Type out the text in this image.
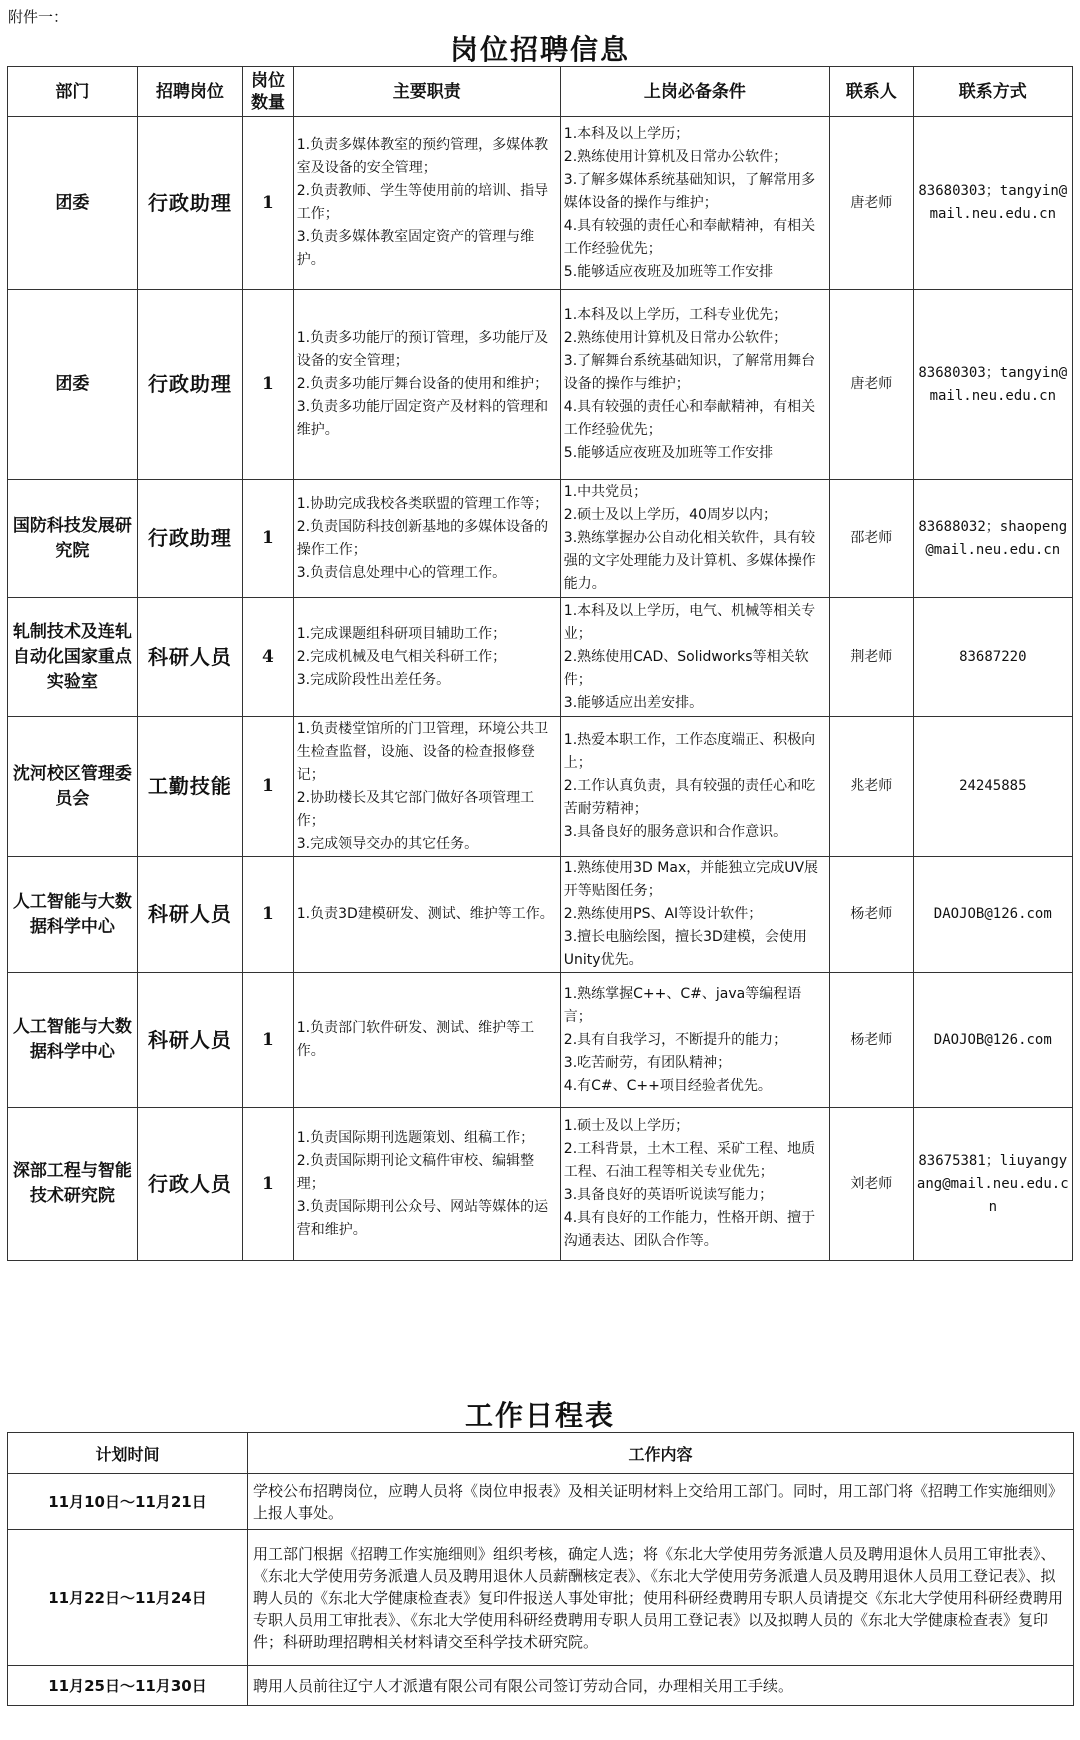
附件一：
岗位招聘信息
部门	招聘岗位	岗位数量	主要职责	上岗必备条件	联系人	联系方式
团委	行政助理	1	1.负责多媒体教室的预约管理，多媒体教室及设备的安全管理；
2.负责教师、学生等使用前的培训、指导工作；
3.负责多媒体教室固定资产的管理与维护。	1.本科及以上学历；
2.熟练使用计算机及日常办公软件；
3.了解多媒体系统基础知识，了解常用多媒体设备的操作与维护；
4.具有较强的责任心和奉献精神，有相关工作经验优先；
5.能够适应夜班及加班等工作安排	唐老师	83680303；tangyin@mail.neu.edu.cn
团委	行政助理	1	1.负责多功能厅的预订管理，多功能厅及设备的安全管理；
2.负责多功能厅舞台设备的使用和维护；
3.负责多功能厅固定资产及材料的管理和维护。	1.本科及以上学历，工科专业优先；
2.熟练使用计算机及日常办公软件；
3.了解舞台系统基础知识，了解常用舞台设备的操作与维护；
4.具有较强的责任心和奉献精神，有相关工作经验优先；
5.能够适应夜班及加班等工作安排	唐老师	83680303；tangyin@mail.neu.edu.cn
国防科技发展研究院	行政助理	1	1.协助完成我校各类联盟的管理工作等；
2.负责国防科技创新基地的多媒体设备的操作工作；
3.负责信息处理中心的管理工作。	1.中共党员；
2.硕士及以上学历，40周岁以内；
3.熟练掌握办公自动化相关软件，具有较强的文字处理能力及计算机、多媒体操作能力。	邵老师	83688032；shaopeng@mail.neu.edu.cn
轧制技术及连轧自动化国家重点实验室	科研人员	4	1.完成课题组科研项目辅助工作；
2.完成机械及电气相关科研工作；
3.完成阶段性出差任务。	1.本科及以上学历，电气、机械等相关专业；
2.熟练使用CAD、Solidworks等相关软件；
3.能够适应出差安排。	荆老师	83687220
沈河校区管理委员会	工勤技能	1	1.负责楼堂馆所的门卫管理，环境公共卫生检查监督，设施、设备的检查报修登记；
2.协助楼长及其它部门做好各项管理工作；
3.完成领导交办的其它任务。	1.热爱本职工作，工作态度端正、积极向上；
2.工作认真负责，具有较强的责任心和吃苦耐劳精神；
3.具备良好的服务意识和合作意识。	兆老师	24245885
人工智能与大数据科学中心	科研人员	1	1.负责3D建模研发、测试、维护等工作。	1.熟练使用3D Max，并能独立完成UV展开等贴图任务；
2.熟练使用PS、AI等设计软件；
3.擅长电脑绘图，擅长3D建模，会使用Unity优先。	杨老师	DAOJOB@126.com
人工智能与大数据科学中心	科研人员	1	1.负责部门软件研发、测试、维护等工作。	1.熟练掌握C++、C#、java等编程语言；
2.具有自我学习，不断提升的能力；
3.吃苦耐劳，有团队精神；
4.有C#、C++项目经验者优先。	杨老师	DAOJOB@126.com
深部工程与智能技术研究院	行政人员	1	1.负责国际期刊选题策划、组稿工作；
2.负责国际期刊论文稿件审校、编辑整理；
3.负责国际期刊公众号、网站等媒体的运营和维护。	1.硕士及以上学历；
2.工科背景，土木工程、采矿工程、地质工程、石油工程等相关专业优先；
3.具备良好的英语听说读写能力；
4.具有良好的工作能力，性格开朗、擅于沟通表达、团队合作等。	刘老师	83675381；liuyangyang@mail.neu.edu.cn
工作日程表
计划时间	工作内容
11月10日～11月21日	学校公布招聘岗位，应聘人员将《岗位申报表》及相关证明材料上交给用工部门。同时，用工部门将《招聘工作实施细则》上报人事处。
11月22日～11月24日	用工部门根据《招聘工作实施细则》组织考核，确定人选；将《东北大学使用劳务派遣人员及聘用退休人员用工审批表》、《东北大学使用劳务派遣人员及聘用退休人员薪酬核定表》、《东北大学使用劳务派遣人员及聘用退休人员用工登记表》、拟聘人员的《东北大学健康检查表》复印件报送人事处审批；使用科研经费聘用专职人员请提交《东北大学使用科研经费聘用专职人员用工审批表》、《东北大学使用科研经费聘用专职人员用工登记表》以及拟聘人员的《东北大学健康检查表》复印件；科研助理招聘相关材料请交至科学技术研究院。
11月25日～11月30日	聘用人员前往辽宁人才派遣有限公司有限公司签订劳动合同，办理相关用工手续。
